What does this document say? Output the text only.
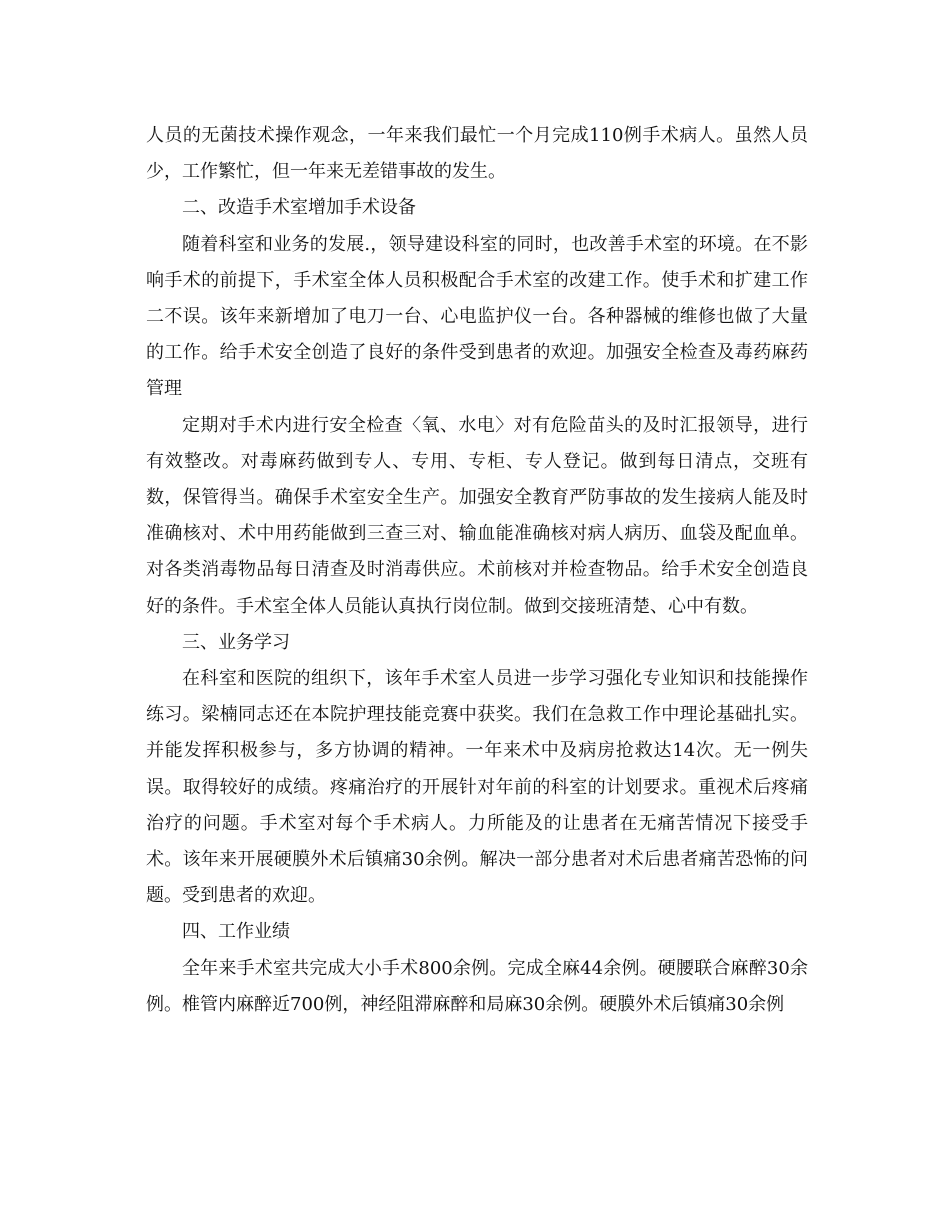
人员的无菌技术操作观念，一年来我们最忙一个月完成110例手术病人。虽然人员少，工作繁忙，但一年来无差错事故的发生。

二、改造手术室增加手术设备

随着科室和业务的发展.，领导建设科室的同时，也改善手术室的环境。在不影响手术的前提下，手术室全体人员积极配合手术室的改建工作。使手术和扩建工作二不误。该年来新增加了电刀一台、心电监护仪一台。各种器械的维修也做了大量的工作。给手术安全创造了良好的条件受到患者的欢迎。加强安全检查及毒药麻药管理

定期对手术内进行安全检查〈氧、水电〉对有危险苗头的及时汇报领导，进行有效整改。对毒麻药做到专人、专用、专柜、专人登记。做到每日清点，交班有数，保管得当。确保手术室安全生产。加强安全教育严防事故的发生接病人能及时准确核对、术中用药能做到三查三对、输血能准确核对病人病历、血袋及配血单。对各类消毒物品每日清查及时消毒供应。术前核对并检查物品。给手术安全创造良好的条件。手术室全体人员能认真执行岗位制。做到交接班清楚、心中有数。

三、业务学习

在科室和医院的组织下，该年手术室人员进一步学习强化专业知识和技能操作练习。梁楠同志还在本院护理技能竞赛中获奖。我们在急救工作中理论基础扎实。并能发挥积极参与，多方协调的精神。一年来术中及病房抢救达14次。无一例失误。取得较好的成绩。疼痛治疗的开展针对年前的科室的计划要求。重视术后疼痛治疗的问题。手术室对每个手术病人。力所能及的让患者在无痛苦情况下接受手术。该年来开展硬膜外术后镇痛30余例。解决一部分患者对术后患者痛苦恐怖的问题。受到患者的欢迎。

四、工作业绩

全年来手术室共完成大小手术800余例。完成全麻44余例。硬腰联合麻醉30余例。椎管内麻醉近700例，神经阻滞麻醉和局麻30余例。硬膜外术后镇痛30余例
